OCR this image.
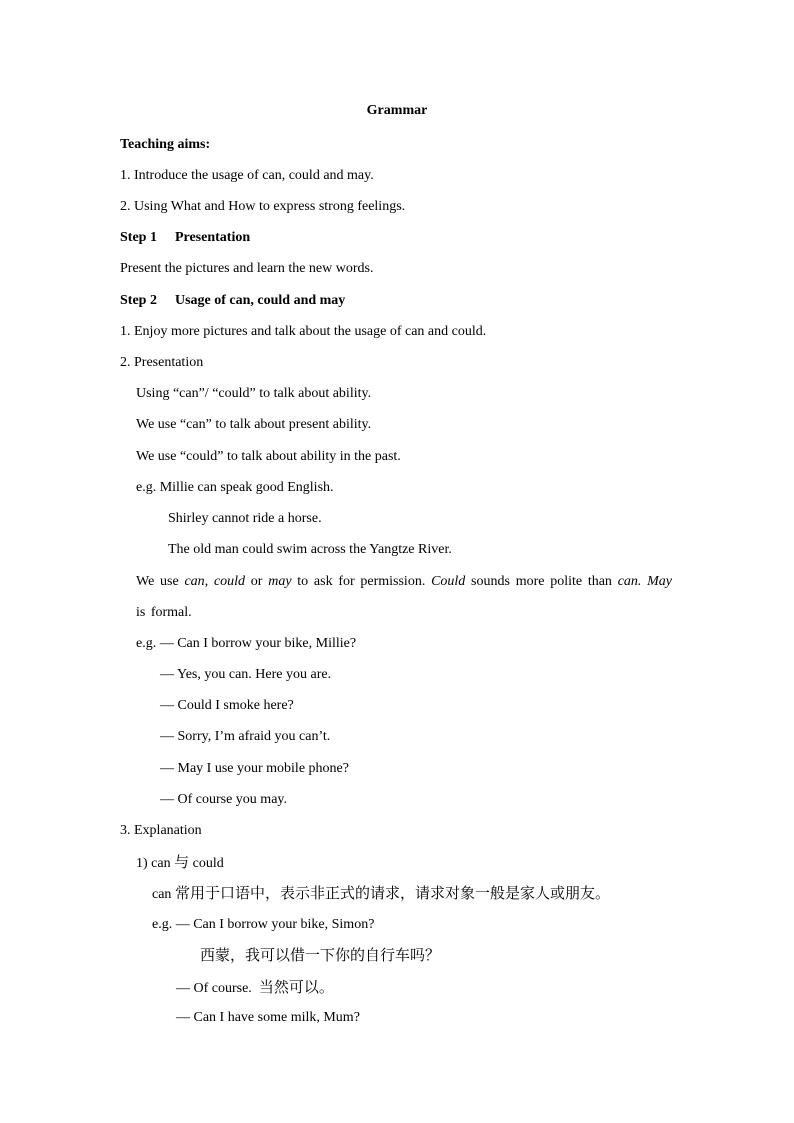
Grammar
Teaching aims:
1. Introduce the usage of can, could and may.
2. Using What and How to express strong feelings.
Step 1 Presentation
Present the pictures and learn the new words.
Step 2 Usage of can, could and may
1. Enjoy more pictures and talk about the usage of can and could.
2. Presentation
Using “can”/ “could” to talk about ability.
We use “can” to talk about present ability.
We use “could” to talk about ability in the past.
e.g. Millie can speak good English.
Shirley cannot ride a horse.
The old man could swim across the Yangtze River.
We use can, could or may to ask for permission. Could sounds more polite than can. May is formal.
e.g. — Can I borrow your bike, Millie?
— Yes, you can. Here you are.
— Could I smoke here?
— Sorry, I’m afraid you can’t.
— May I use your mobile phone?
— Of course you may.
3. Explanation
1) can 与 could
can 常用于口语中，表示非正式的请求，请求对象一般是家人或朋友。
e.g. — Can I borrow your bike, Simon?
西蒙，我可以借一下你的自行车吗？
— Of course. 当然可以。
— Can I have some milk, Mum?
